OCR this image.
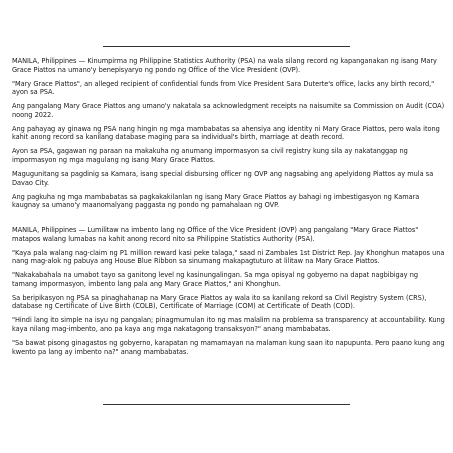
MANILA, Philippines — Kinumpirma ng Philippine Statistics Authority (PSA) na wala silang record ng kapanganakan ng isang Mary Grace Piattos na umano'y benepisyaryo ng pondo ng Office of the Vice President (OVP).

"Mary Grace Piattos", an alleged recipient of confidential funds from Vice President Sara Duterte's office, lacks any birth record," ayon sa PSA.

Ang pangalang Mary Grace Piattos ang umano'y nakatala sa acknowledgment receipts na naisumite sa Commission on Audit (COA) noong 2022.

Ang pahayag ay ginawa ng PSA nang hingin ng mga mambabatas sa ahensiya ang identity ni Mary Grace Piattos, pero wala itong kahit anong record sa kanilang database maging para sa individual's birth, marriage at death record.

Ayon sa PSA, gagawan ng paraan na makakuha ng anumang impormasyon sa civil registry kung sila ay nakatanggap ng impormasyon ng mga magulang ng isang Mary Grace Piattos.

Magugunitang sa pagdinig sa Kamara, isang special disbursing officer ng OVP ang nagsabing ang apelyidong Piattos ay mula sa Davao City.

Ang pagkuha ng mga mambabatas sa pagkakakilanlan ng isang Mary Grace Piattos ay bahagi ng imbestigasyon ng Kamara kaugnay sa umano'y maanomalyang paggasta ng pondo ng pamahalaan ng OVP.

MANILA, Philippines — Lumilitaw na imbento lang ng Office of the Vice President (OVP) ang pangalang "Mary Grace Piattos" matapos walang lumabas na kahit anong record nito sa Philippine Statistics Authority (PSA).

"Kaya pala walang nag-claim ng P1 million reward kasi peke talaga," saad ni Zambales 1st District Rep. Jay Khonghun matapos una nang mag-alok ng pabuya ang House Blue Ribbon sa sinumang makapagtuturo at lilitaw na Mary Grace Piattos.

"Nakakabahala na umabot tayo sa ganitong level ng kasinungalingan. Sa mga opisyal ng gobyerno na dapat nagbibigay ng tamang impormasyon, imbento lang pala ang Mary Grace Piattos," ani Khonghun.

Sa beripikasyon ng PSA sa pinaghahanap na Mary Grace Piattos ay wala ito sa kanilang rekord sa Civil Registry System (CRS), database ng Certificate of Live Birth (COLB), Certificate of Marriage (COM) at Certificate of Death (COD).

"Hindi lang ito simple na isyu ng pangalan; pinagmumulan ito ng mas malalim na problema sa transparency at accountability. Kung kaya nilang mag-imbento, ano pa kaya ang mga nakatagong transaksyon?" anang mambabatas.

"Sa bawat pisong ginagastos ng gobyerno, karapatan ng mamamayan na malaman kung saan ito napupunta. Pero paano kung ang kwento pa lang ay imbento na?" anang mambabatas.
